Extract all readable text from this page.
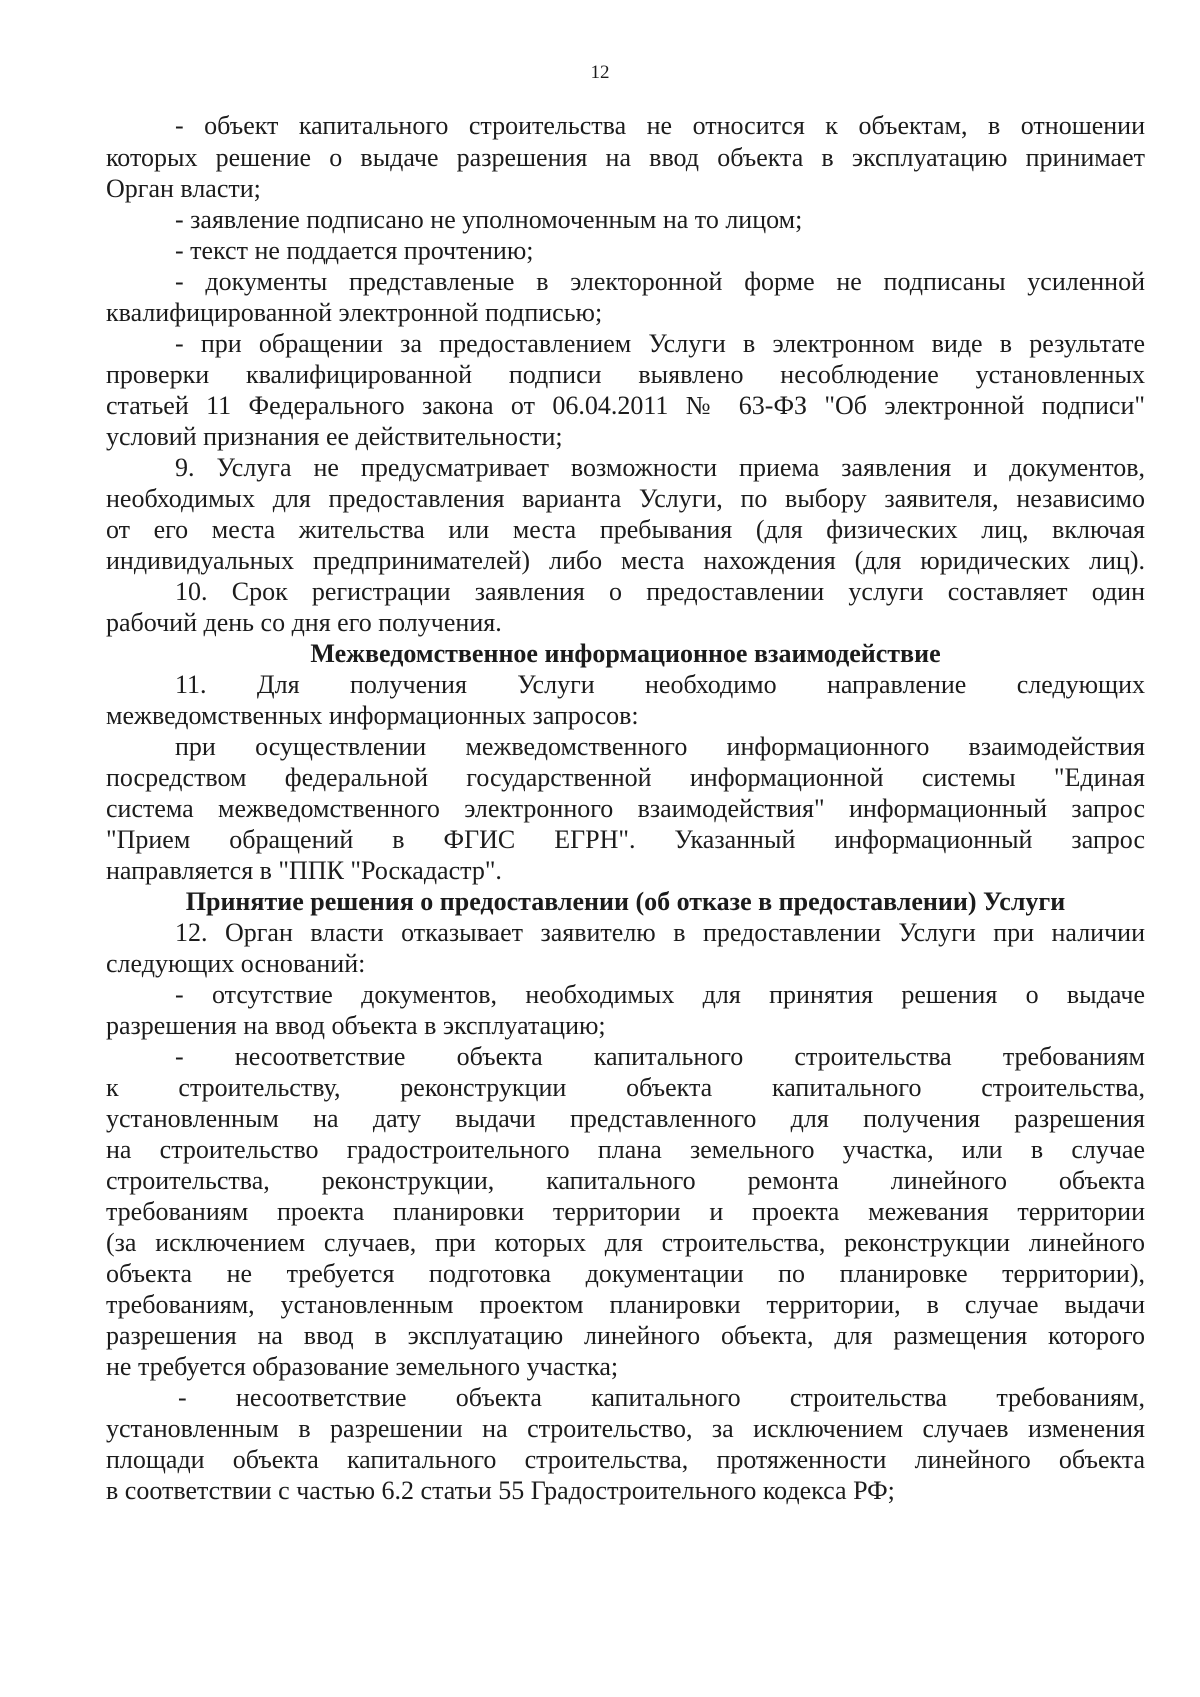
12
- объект капитального строительства не относится к объектам, в отношении
которых решение о выдаче разрешения на ввод объекта в эксплуатацию принимает
Орган власти;
- заявление подписано не уполномоченным на то лицом;
- текст не поддается прочтению;
- документы представленые в электоронной форме не подписаны усиленной
квалифицированной электронной подписью;
- при обращении за предоставлением Услуги в электронном виде в результате
проверки квалифицированной подписи выявлено несоблюдение установленных
статьей 11 Федерального закона от 06.04.2011 № 63-ФЗ "Об электронной подписи"
условий признания ее действительности;
9. Услуга не предусматривает возможности приема заявления и документов,
необходимых для предоставления варианта Услуги, по выбору заявителя, независимо
от его места жительства или места пребывания (для физических лиц, включая
индивидуальных предпринимателей) либо места нахождения (для юридических лиц).
10. Срок регистрации заявления о предоставлении услуги составляет один
рабочий день со дня его получения.
Межведомственное информационное взаимодействие
11. Для получения Услуги необходимо направление следующих
межведомственных информационных запросов:
при осуществлении межведомственного информационного взаимодействия
посредством федеральной государственной информационной системы "Единая
система межведомственного электронного взаимодействия" информационный запрос
"Прием обращений в ФГИС ЕГРН". Указанный информационный запрос
направляется в "ППК "Роскадастр".
Принятие решения о предоставлении (об отказе в предоставлении) Услуги
12. Орган власти отказывает заявителю в предоставлении Услуги при наличии
следующих оснований:
- отсутствие документов, необходимых для принятия решения о выдаче
разрешения на ввод объекта в эксплуатацию;
- несоответствие объекта капитального строительства требованиям
к строительству, реконструкции объекта капитального строительства,
установленным на дату выдачи представленного для получения разрешения
на строительство градостроительного плана земельного участка, или в случае
строительства, реконструкции, капитального ремонта линейного объекта
требованиям проекта планировки территории и проекта межевания территории
(за исключением случаев, при которых для строительства, реконструкции линейного
объекта не требуется подготовка документации по планировке территории),
требованиям, установленным проектом планировки территории, в случае выдачи
разрешения на ввод в эксплуатацию линейного объекта, для размещения которого
не требуется образование земельного участка;
- несоответствие объекта капитального строительства требованиям,
установленным в разрешении на строительство, за исключением случаев изменения
площади объекта капитального строительства, протяженности линейного объекта
в соответствии с частью 6.2 статьи 55 Градостроительного кодекса РФ;
